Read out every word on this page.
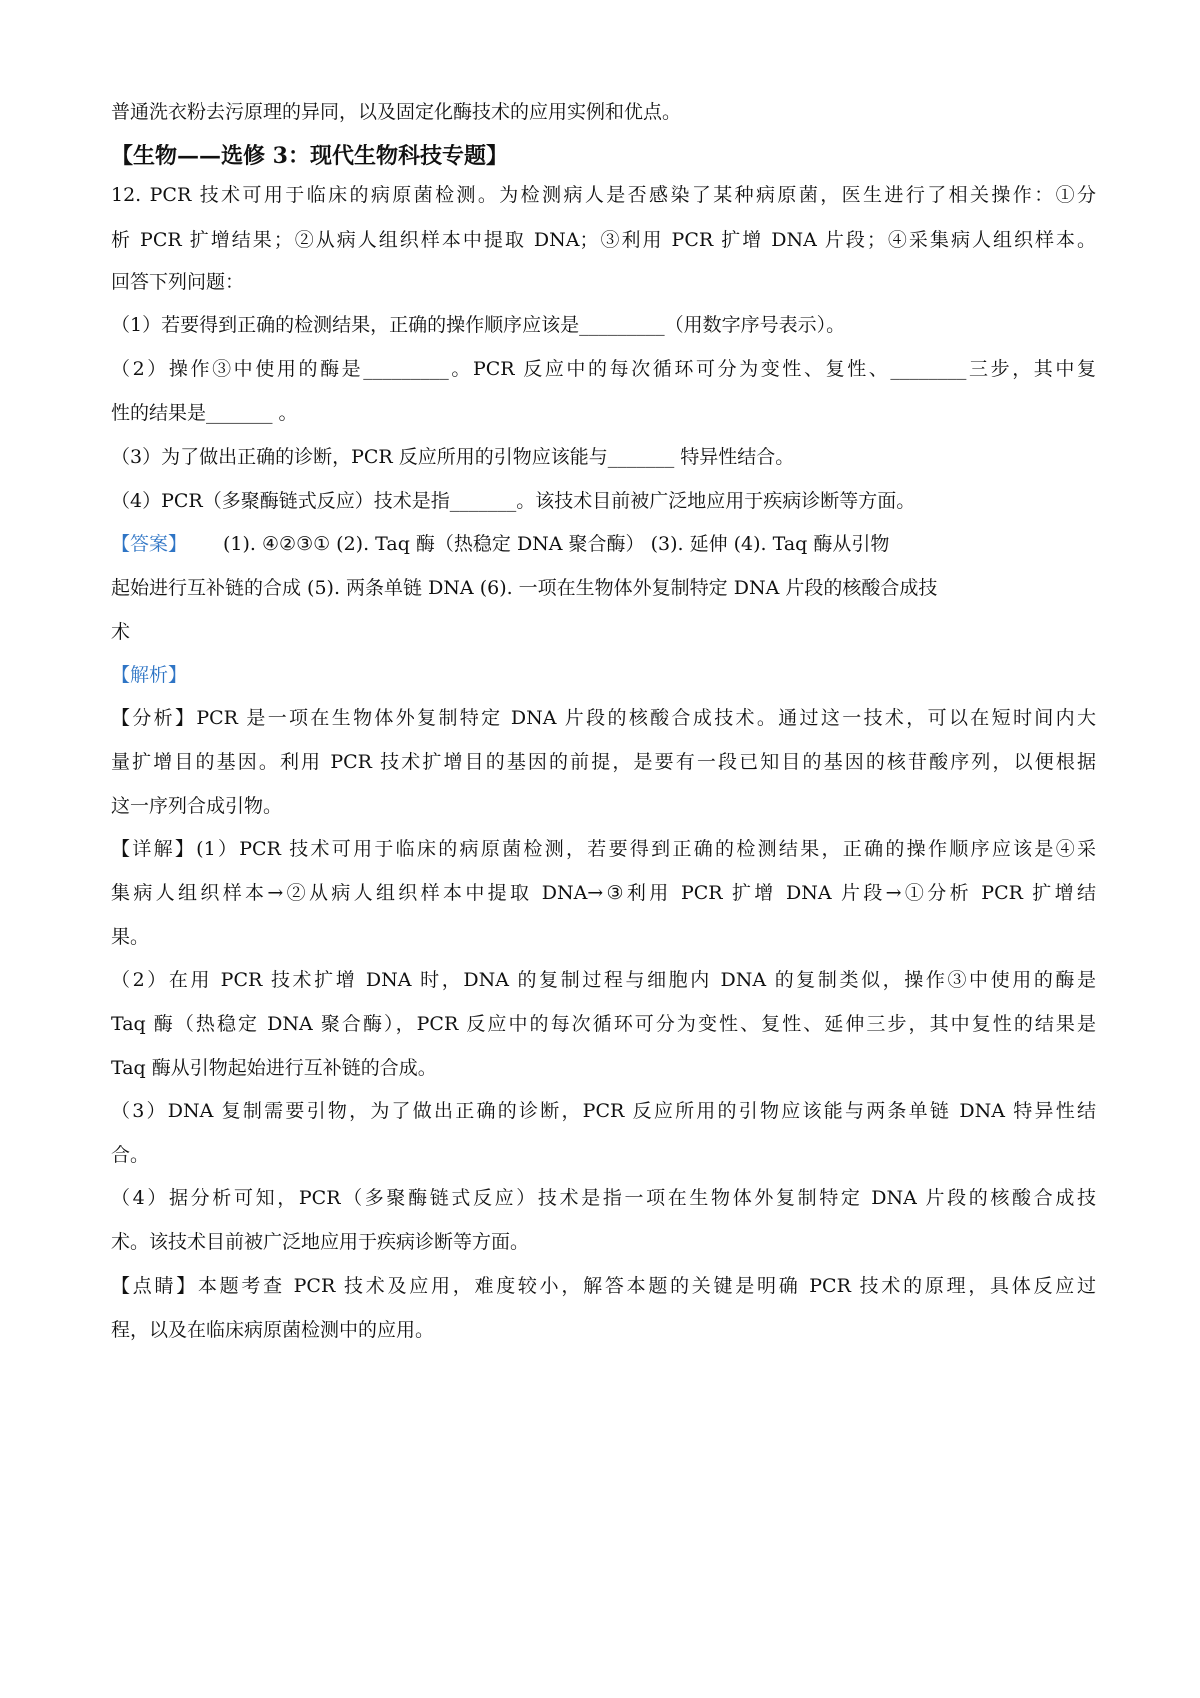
普通洗衣粉去污原理的异同，以及固定化酶技术的应用实例和优点。
【生物——选修 3：现代生物科技专题】
12. PCR 技术可用于临床的病原菌检测。为检测病人是否感染了某种病原菌，医生进行了相关操作：①分
析 PCR 扩增结果；②从病人组织样本中提取 DNA；③利用 PCR 扩增 DNA 片段；④采集病人组织样本。
回答下列问题：
（1）若要得到正确的检测结果，正确的操作顺序应该是_________（用数字序号表示）。
（2）操作③中使用的酶是_________。PCR 反应中的每次循环可分为变性、复性、________三步，其中复
性的结果是_______ 。
（3）为了做出正确的诊断，PCR 反应所用的引物应该能与_______ 特异性结合。
（4）PCR（多聚酶链式反应）技术是指_______。该技术目前被广泛地应用于疾病诊断等方面。
【答案】 (1). ④②③① (2). Taq 酶（热稳定 DNA 聚合酶） (3). 延伸 (4). Taq 酶从引物
起始进行互补链的合成 (5). 两条单链 DNA (6). 一项在生物体外复制特定 DNA 片段的核酸合成技
术
【解析】
【分析】PCR 是一项在生物体外复制特定 DNA 片段的核酸合成技术。通过这一技术，可以在短时间内大
量扩增目的基因。利用 PCR 技术扩增目的基因的前提，是要有一段已知目的基因的核苷酸序列，以便根据
这一序列合成引物。
【详解】(1）PCR 技术可用于临床的病原菌检测，若要得到正确的检测结果，正确的操作顺序应该是④采
集病人组织样本→②从病人组织样本中提取 DNA→③利用 PCR 扩增 DNA 片段→①分析 PCR 扩增结
果。
（2）在用 PCR 技术扩增 DNA 时，DNA 的复制过程与细胞内 DNA 的复制类似，操作③中使用的酶是
Taq 酶（热稳定 DNA 聚合酶），PCR 反应中的每次循环可分为变性、复性、延伸三步，其中复性的结果是
Taq 酶从引物起始进行互补链的合成。
（3）DNA 复制需要引物，为了做出正确的诊断，PCR 反应所用的引物应该能与两条单链 DNA 特异性结
合。
（4）据分析可知，PCR（多聚酶链式反应）技术是指一项在生物体外复制特定 DNA 片段的核酸合成技
术。该技术目前被广泛地应用于疾病诊断等方面。
【点睛】本题考查 PCR 技术及应用，难度较小，解答本题的关键是明确 PCR 技术的原理，具体反应过
程，以及在临床病原菌检测中的应用。
